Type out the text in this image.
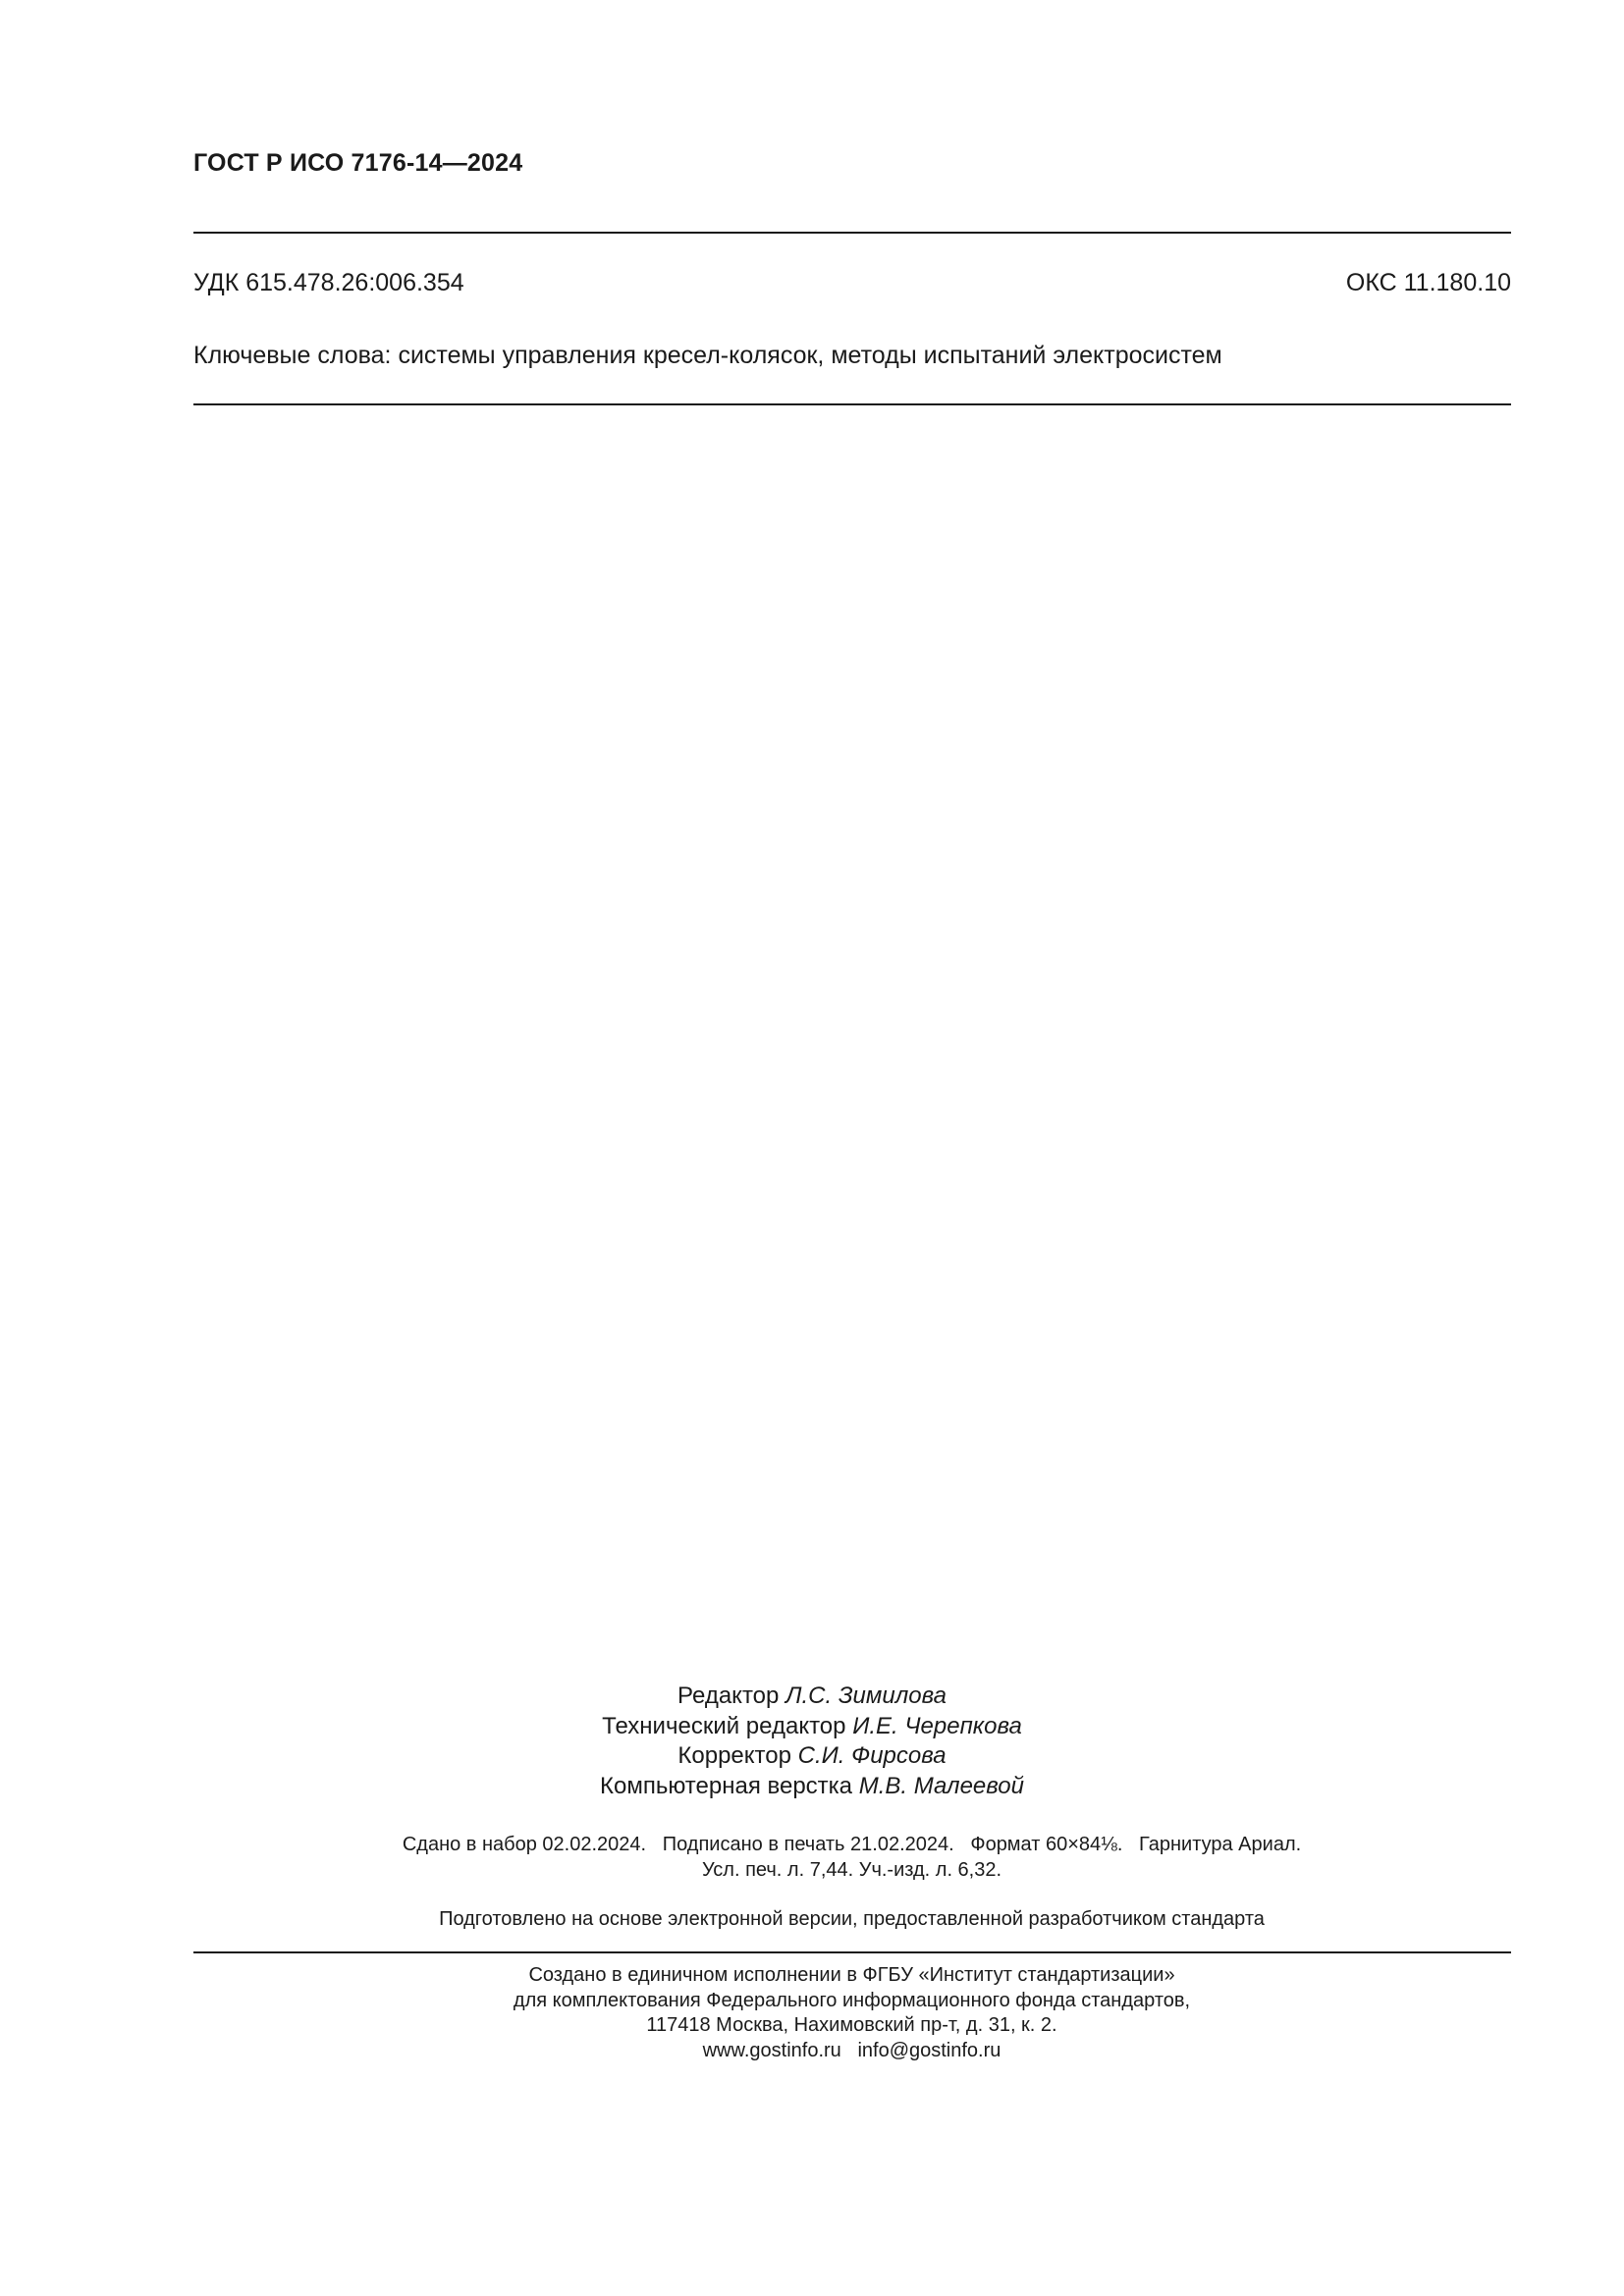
ГОСТ Р ИСО 7176-14—2024
УДК 615.478.26:006.354	ОКС 11.180.10
Ключевые слова: системы управления кресел-колясок, методы испытаний электросистем
Редактор Л.С. Зимилова
Технический редактор И.Е. Черепкова
Корректор С.И. Фирсова
Компьютерная верстка М.В. Малеевой
Сдано в набор 02.02.2024. Подписано в печать 21.02.2024. Формат 60×84⅛. Гарнитура Ариал.
Усл. печ. л. 7,44. Уч.-изд. л. 6,32.
Подготовлено на основе электронной версии, предоставленной разработчиком стандарта
Создано в единичном исполнении в ФГБУ «Институт стандартизации»
для комплектования Федерального информационного фонда стандартов,
117418 Москва, Нахимовский пр-т, д. 31, к. 2.
www.gostinfo.ru info@gostinfo.ru
